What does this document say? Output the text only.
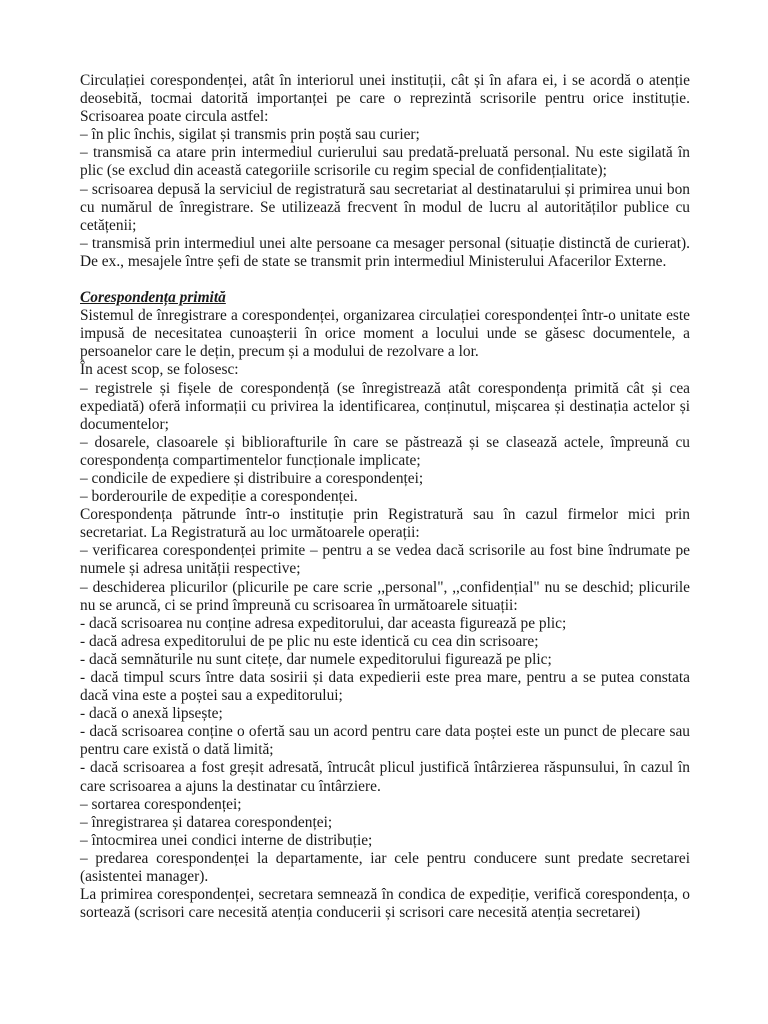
Circulației corespondenței, atât în interiorul unei instituții, cât și în afara ei, i se acordă o atenție deosebită, tocmai datorită importanței pe care o reprezintă scrisorile pentru orice instituție. Scrisoarea poate circula astfel:

‒ în plic închis, sigilat și transmis prin poștă sau curier;

‒ transmisă ca atare prin intermediul curierului sau predată-preluată personal. Nu este sigilată în plic (se exclud din această categoriile scrisorile cu regim special de confidențialitate);

‒ scrisoarea depusă la serviciul de registratură sau secretariat al destinatarului și primirea unui bon cu numărul de înregistrare. Se utilizează frecvent în modul de lucru al autorităților publice cu cetățenii;

‒ transmisă prin intermediul unei alte persoane ca mesager personal (situație distinctă de curierat). De ex., mesajele între șefi de state se transmit prin intermediul Ministerului Afacerilor Externe.

Corespondența primită

Sistemul de înregistrare a corespondenței, organizarea circulației corespondenței într-o unitate este impusă de necesitatea cunoașterii în orice moment a locului unde se găsesc documentele, a persoanelor care le dețin, precum și a modului de rezolvare a lor.

În acest scop, se folosesc:

‒ registrele și fișele de corespondență (se înregistrează atât corespondența primită cât și cea expediată) oferă informații cu privirea la identificarea, conținutul, mișcarea și destinația actelor și documentelor;

‒ dosarele, clasoarele și bibliorafturile în care se păstrează și se clasează actele, împreună cu corespondența compartimentelor funcționale implicate;

‒ condicile de expediere și distribuire a corespondenței;

‒ borderourile de expediție a corespondenței.

Corespondența pătrunde într-o instituție prin Registratură sau în cazul firmelor mici prin secretariat. La Registratură au loc următoarele operații:

‒ verificarea corespondenței primite – pentru a se vedea dacă scrisorile au fost bine îndrumate pe numele și adresa unității respective;

‒ deschiderea plicurilor (plicurile pe care scrie ,,personal", ,,confidențial" nu se deschid; plicurile nu se aruncă, ci se prind împreună cu scrisoarea în următoarele situații:

- dacă scrisoarea nu conține adresa expeditorului, dar aceasta figurează pe plic;

- dacă adresa expeditorului de pe plic nu este identică cu cea din scrisoare;

- dacă semnăturile nu sunt citețe, dar numele expeditorului figurează pe plic;

- dacă timpul scurs între data sosirii și data expedierii este prea mare, pentru a se putea constata dacă vina este a poștei sau a expeditorului;

- dacă o anexă lipsește;

- dacă scrisoarea conține o ofertă sau un acord pentru care data poștei este un punct de plecare sau pentru care există o dată limită;

- dacă scrisoarea a fost greșit adresată, întrucât plicul justifică întârzierea răspunsului, în cazul în care scrisoarea a ajuns la destinatar cu întârziere.

‒ sortarea corespondenței;

‒ înregistrarea și datarea corespondenței;

‒ întocmirea unei condici interne de distribuție;

‒ predarea corespondenței la departamente, iar cele pentru conducere sunt predate secretarei (asistentei manager).

La primirea corespondenței, secretara semnează în condica de expediție, verifică corespondența, o sortează (scrisori care necesită atenția conducerii și scrisori care necesită atenția secretarei)
